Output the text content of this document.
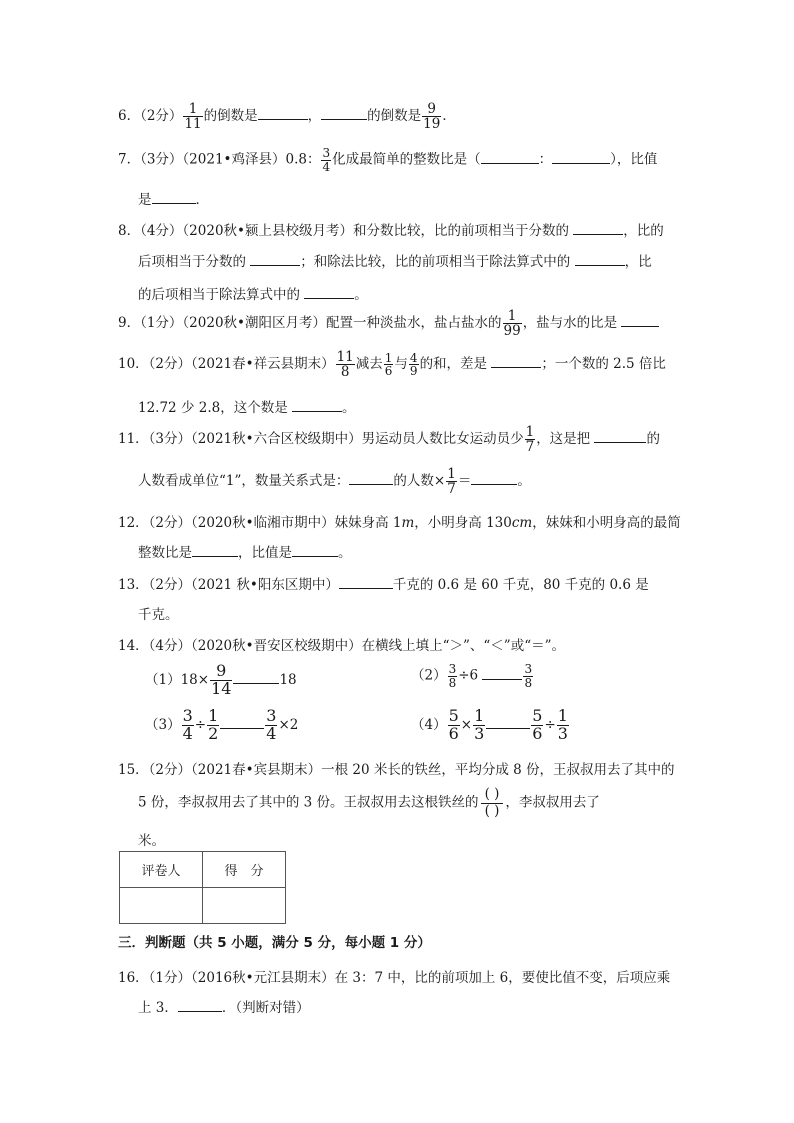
6．（2分） $\frac{1}{11}$ 的倒数是	，	的倒数是 $\frac{9}{19}$ ．
7．（3分）（2021•鸡泽县）0.8： $\frac{3}{4}$ 化成最简单的整数比是（	：	），比值
是	．
8．（4分）（2020秋•颍上县校级月考）和分数比较，比的前项相当于分数的	，比的
后项相当于分数的	；和除法比较，比的前项相当于除法算式中的	，比
的后项相当于除法算式中的	。
9．（1分）（2020秋•潮阳区月考）配置一种淡盐水，盐占盐水的 $\frac{1}{99}$ ，盐与水的比是
10．（2分）（2021春•祥云县期末） $\frac{11}{8}$ 减去 $\frac{1}{6}$ 与 $\frac{4}{9}$ 的和，差是	；一个数的 2.5 倍比
12.72 少 2.8，这个数是	。
11．（3分）（2021秋•六合区校级期中）男运动员人数比女运动员少 $\frac{1}{7}$ ，这是把	的
人数看成单位“1”，数量关系式是：	的人数× $\frac{1}{7}$ ＝	。
12．（2分）（2020秋•临湘市期中）妹妹身高 1m，小明身高 130cm，妹妹和小明身高的最简
整数比是	，比值是	。
13．（2分）（2021 秋•阳东区期中）	千克的 0.6 是 60 千克，80 千克的 0.6 是
千克。
14．（4分）（2020秋•晋安区校级期中）在横线上填上“＞”、“＜”或“＝”。
$(1)18\times \frac{9}{14}$	18	$(2) \frac{3}{8} \div 6$	$\frac{3}{8}$
$(3) \frac{3}{4} \div \frac{1}{2}$	$\frac{3}{4} \times 2$	$(4) \frac{5}{6} \times \frac{1}{3}$	$\frac{5}{6} \div \frac{1}{3}$
15．（2分）（2021春•宾县期末）一根 20 米长的铁丝，平均分成 8 份，王叔叔用去了其中的
5 份，李叔叔用去了其中的 3 份。王叔叔用去这根铁丝的 $\frac{( )}{( )}$ ，李叔叔用去了
米。
评卷人	得　分

三．判断题（共 5 小题，满分 5 分，每小题 1 分）
16．（1分）（2016秋•元江县期末）在 3：7 中，比的前项加上 6，要使比值不变，后项应乘
上 3．	．（判断对错）
